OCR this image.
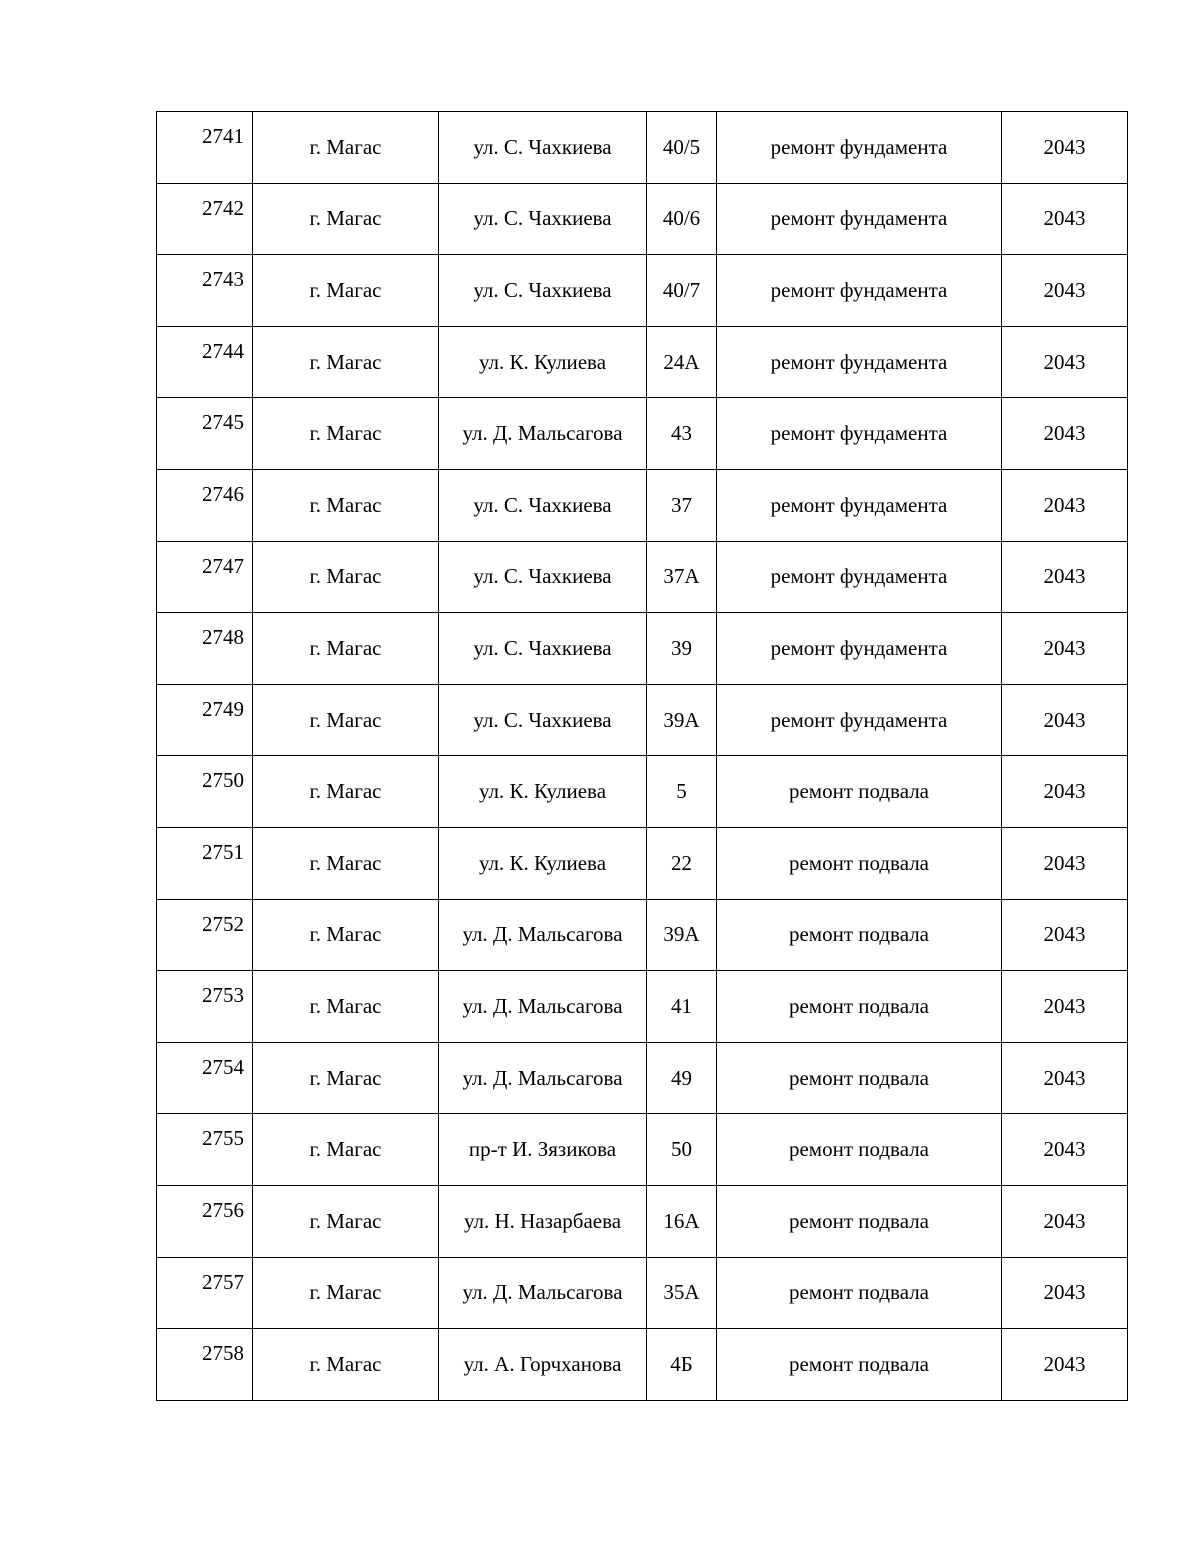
2741	г. Магас	ул. С. Чахкиева	40/5	ремонт фундамента	2043
2742	г. Магас	ул. С. Чахкиева	40/6	ремонт фундамента	2043
2743	г. Магас	ул. С. Чахкиева	40/7	ремонт фундамента	2043
2744	г. Магас	ул. К. Кулиева	24А	ремонт фундамента	2043
2745	г. Магас	ул. Д. Мальсагова	43	ремонт фундамента	2043
2746	г. Магас	ул. С. Чахкиева	37	ремонт фундамента	2043
2747	г. Магас	ул. С. Чахкиева	37А	ремонт фундамента	2043
2748	г. Магас	ул. С. Чахкиева	39	ремонт фундамента	2043
2749	г. Магас	ул. С. Чахкиева	39А	ремонт фундамента	2043
2750	г. Магас	ул. К. Кулиева	5	ремонт подвала	2043
2751	г. Магас	ул. К. Кулиева	22	ремонт подвала	2043
2752	г. Магас	ул. Д. Мальсагова	39А	ремонт подвала	2043
2753	г. Магас	ул. Д. Мальсагова	41	ремонт подвала	2043
2754	г. Магас	ул. Д. Мальсагова	49	ремонт подвала	2043
2755	г. Магас	пр-т И. Зязикова	50	ремонт подвала	2043
2756	г. Магас	ул. Н. Назарбаева	16А	ремонт подвала	2043
2757	г. Магас	ул. Д. Мальсагова	35А	ремонт подвала	2043
2758	г. Магас	ул. А. Горчханова	4Б	ремонт подвала	2043
